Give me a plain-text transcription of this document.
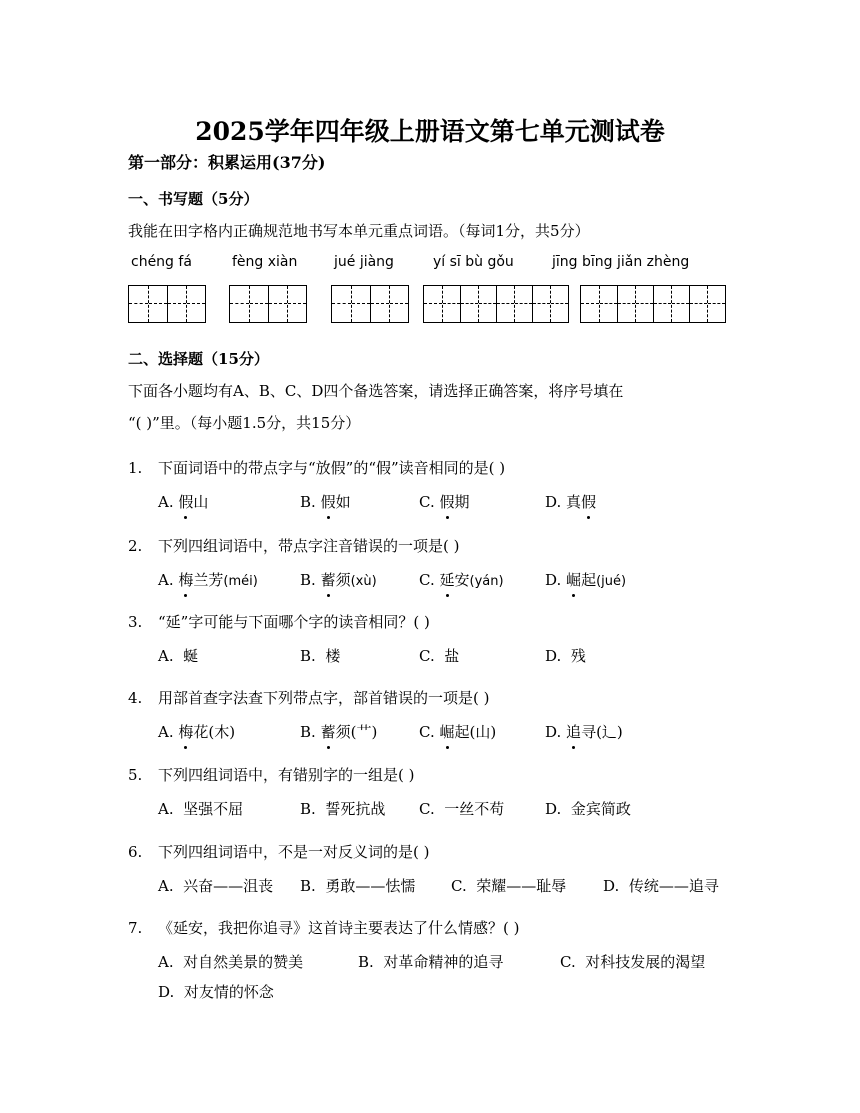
2025学年四年级上册语文第七单元测试卷

第一部分：积累运用(37分)

一、书写题（5分）

我能在田字格内正确规范地书写本单元重点词语。（每词1分，共5分）

chéng fá	fèng xiàn	jué jiàng	yí sī bù gǒu	jīng bīng jiǎn zhèng

二、选择题（15分）

下面各小题均有A、B、C、D四个备选答案，请选择正确答案，将序号填在

“( )”里。（每小题1.5分，共15分）

1. 下面词语中的带点字与“放假”的“假”读音相同的是( )
A. 假山	B. 假如	C. 假期	D. 真假
2. 下列四组词语中，带点字注音错误的一项是( )
A. 梅兰芳(méi)	B. 蓄须(xù)	C. 延安(yán)	D. 崛起(jué)
3. “延”字可能与下面哪个字的读音相同？( )
A. 蜒	B. 楼	C. 盐	D. 残
4. 用部首查字法查下列带点字，部首错误的一项是( )
A. 梅花(木)	B. 蓄须(艹)	C. 崛起(山)	D. 追寻(辶)
5. 下列四组词语中，有错别字的一组是( )
A. 坚强不屈	B. 誓死抗战 C. 一丝不苟	D. 金宾简政
6. 下列四组词语中，不是一对反义词的是( )
A. 兴奋——沮丧 B. 勇敢——怯懦 C. 荣耀——耻辱 D. 传统——追寻
7. 《延安，我把你追寻》这首诗主要表达了什么情感？( )
A. 对自然美景的赞美	B. 对革命精神的追寻	C. 对科技发展的渴望
D. 对友情的怀念
